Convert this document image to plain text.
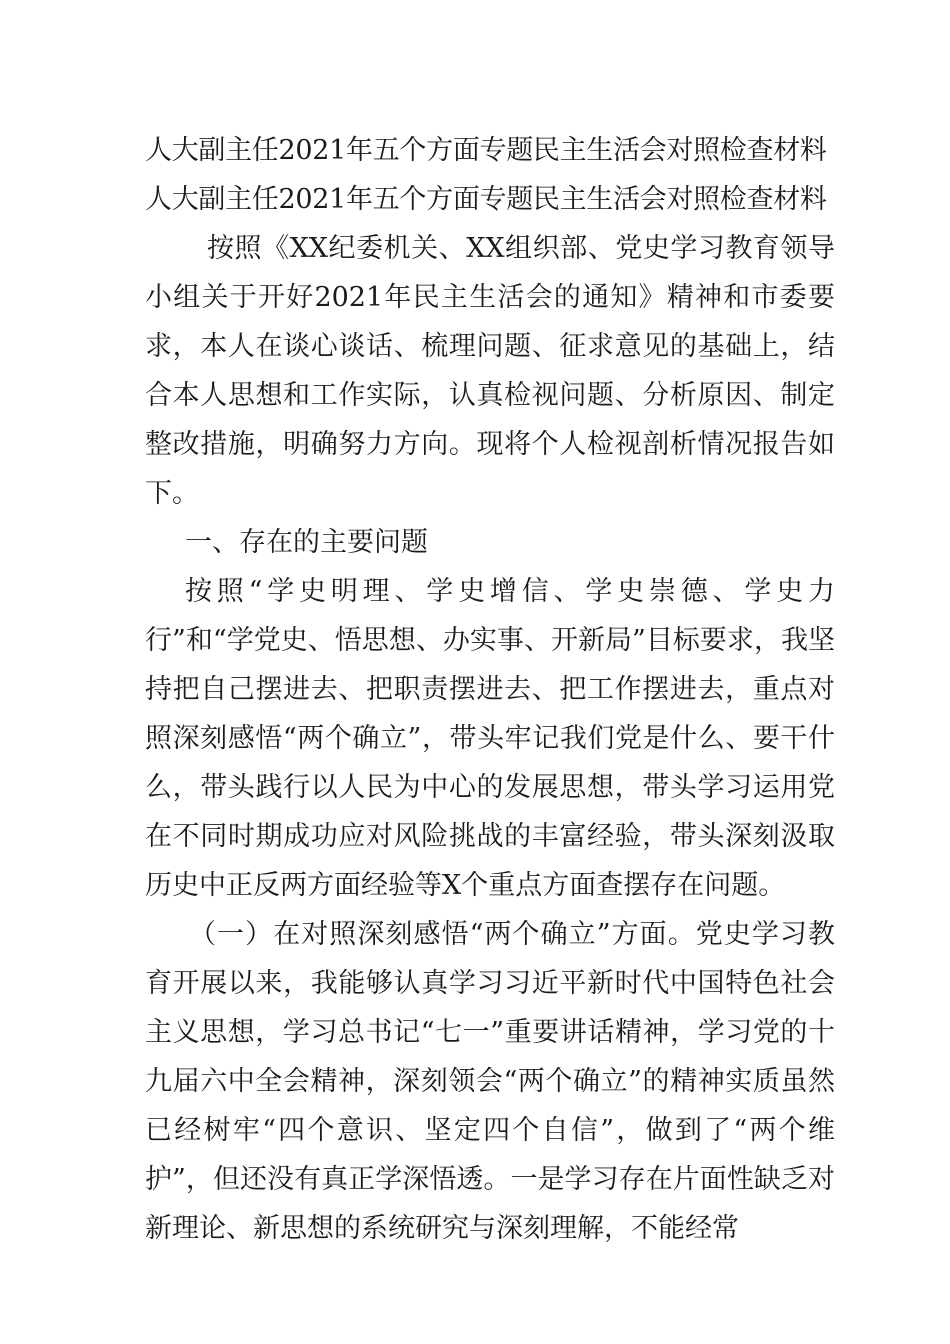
人大副主任2021年五个方面专题民主生活会对照检查材料
人大副主任2021年五个方面专题民主生活会对照检查材料

按照《XX纪委机关、XX组织部、党史学习教育领导小组关于开好2021年民主生活会的通知》精神和市委要求，本人在谈心谈话、梳理问题、征求意见的基础上，结合本人思想和工作实际，认真检视问题、分析原因、制定整改措施，明确努力方向。现将个人检视剖析情况报告如下。

一、存在的主要问题

按照“学史明理、学史增信、学史崇德、学史力行”和“学党史、悟思想、办实事、开新局”目标要求，我坚持把自己摆进去、把职责摆进去、把工作摆进去，重点对照深刻感悟“两个确立”，带头牢记我们党是什么、要干什么，带头践行以人民为中心的发展思想，带头学习运用党在不同时期成功应对风险挑战的丰富经验，带头深刻汲取历史中正反两方面经验等X个重点方面查摆存在问题。

（一）在对照深刻感悟“两个确立”方面。党史学习教育开展以来，我能够认真学习习近平新时代中国特色社会主义思想，学习总书记“七一”重要讲话精神，学习党的十九届六中全会精神，深刻领会“两个确立”的精神实质虽然已经树牢“四个意识、坚定四个自信”，做到了“两个维护”，但还没有真正学深悟透。一是学习存在片面性缺乏对新理论、新思想的系统研究与深刻理解，不能经常
